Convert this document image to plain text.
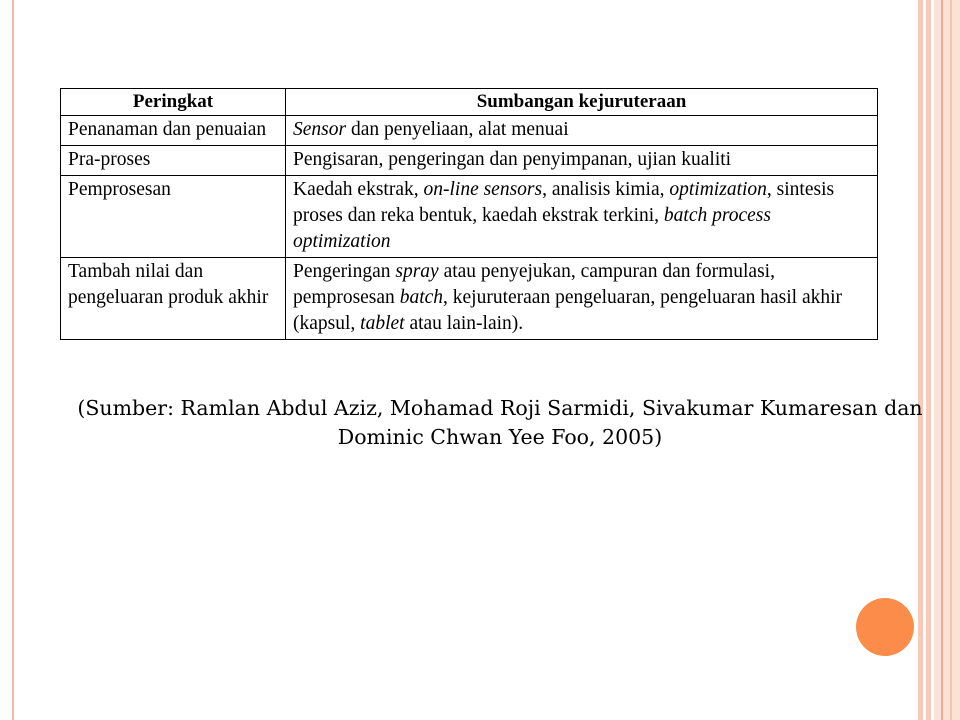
Peringkat	Sumbangan kejuruteraan
Penanaman dan penuaian	Sensor dan penyeliaan, alat menuai
Pra-proses	Pengisaran, pengeringan dan penyimpanan, ujian kualiti
Pemprosesan	Kaedah ekstrak, on-line sensors, analisis kimia, optimization, sintesis proses dan reka bentuk, kaedah ekstrak terkini, batch process optimization
Tambah nilai dan pengeluaran produk akhir	Pengeringan spray atau penyejukan, campuran dan formulasi, pemprosesan batch, kejuruteraan pengeluaran, pengeluaran hasil akhir (kapsul, tablet atau lain-lain).
(Sumber: Ramlan Abdul Aziz, Mohamad Roji Sarmidi, Sivakumar Kumaresan dan
Dominic Chwan Yee Foo, 2005)
